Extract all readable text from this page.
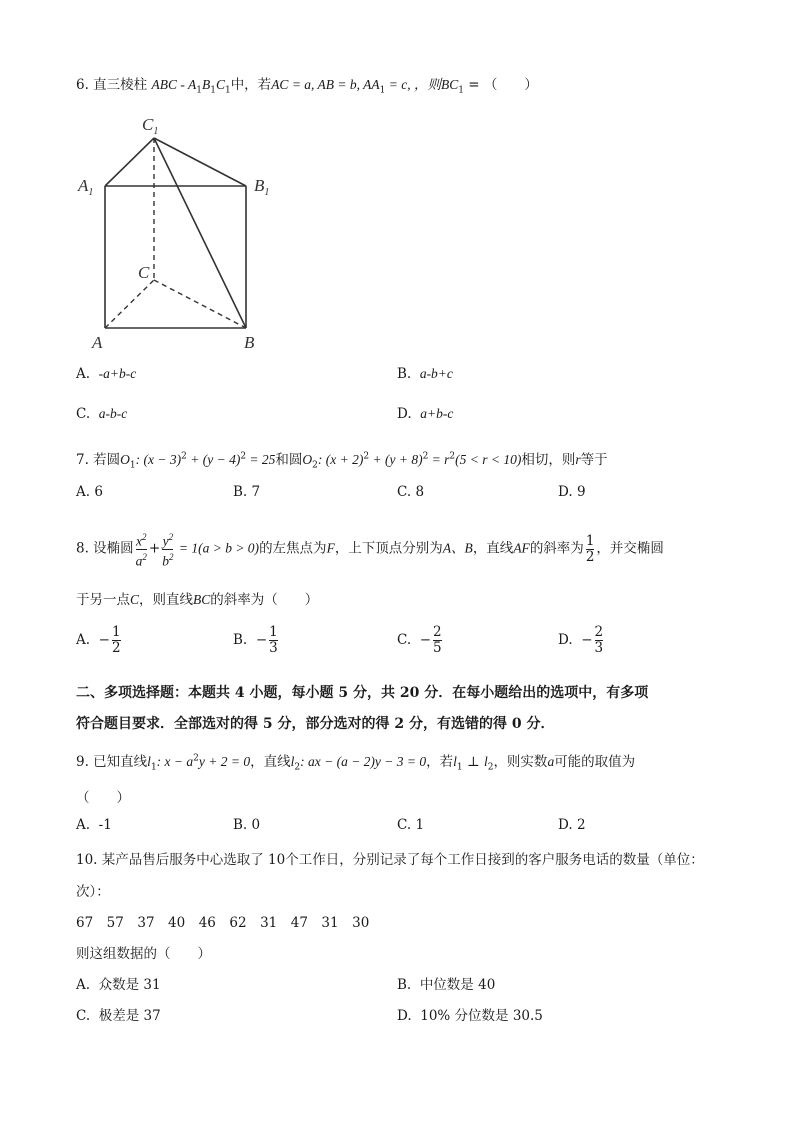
6. 直三棱柱 ABC - $A_1B_1C_1$中，若AC = a, AB = b, $AA_1 = c$, ，则$BC_1$ = （　　）
$C_1$
$A_1$	$B_1$
C
A	B
A. -a+b-c	B. a-b+c
C. a-b-c	D. a+b-c
7. 若圆$O_1$: $(x - 3)^2 + (y - 4)^2 = 25$和圆$O_2$: $(x + 2)^2 + (y + 8)^2 = r^2(5 < r < 10)$相切，则r等于
A. 6	B. 7	C. 8	D. 9
8. 设椭圆 $\frac{x^2}{a^2} + \frac{y^2}{b^2} = 1(a > b > 0)$的左焦点为F，上下顶点分别为A、B，直线AF的斜率为 $\frac{1}{2}$ ，并交椭圆
于另一点C，则直线BC的斜率为（　　）
A. − $\frac{1}{2}$	B. − $\frac{1}{3}$	C. − $\frac{2}{5}$	D. − $\frac{2}{3}$
二、多项选择题：本题共 4 小题，每小题 5 分，共 20 分．在每小题给出的选项中，有多项
符合题目要求．全部选对的得 5 分，部分选对的得 2 分，有选错的得 0 分．
9. 已知直线$l_1$: $x - a^2y + 2 = 0$，直线$l_2$: ax − (a − 2)y − 3 = 0，若$l_1$ ⊥ $l_2$，则实数a可能的取值为
（　　）
A. -1	B. 0	C. 1	D. 2
10. 某产品售后服务中心选取了 10个工作日，分别记录了每个工作日接到的客户服务电话的数量（单位：
次）：
67　57　37　40　46　62　31　47　31　30
则这组数据的（　　）
A. 众数是 31	B. 中位数是 40
C. 极差是 37	D. 10% 分位数是 30.5
